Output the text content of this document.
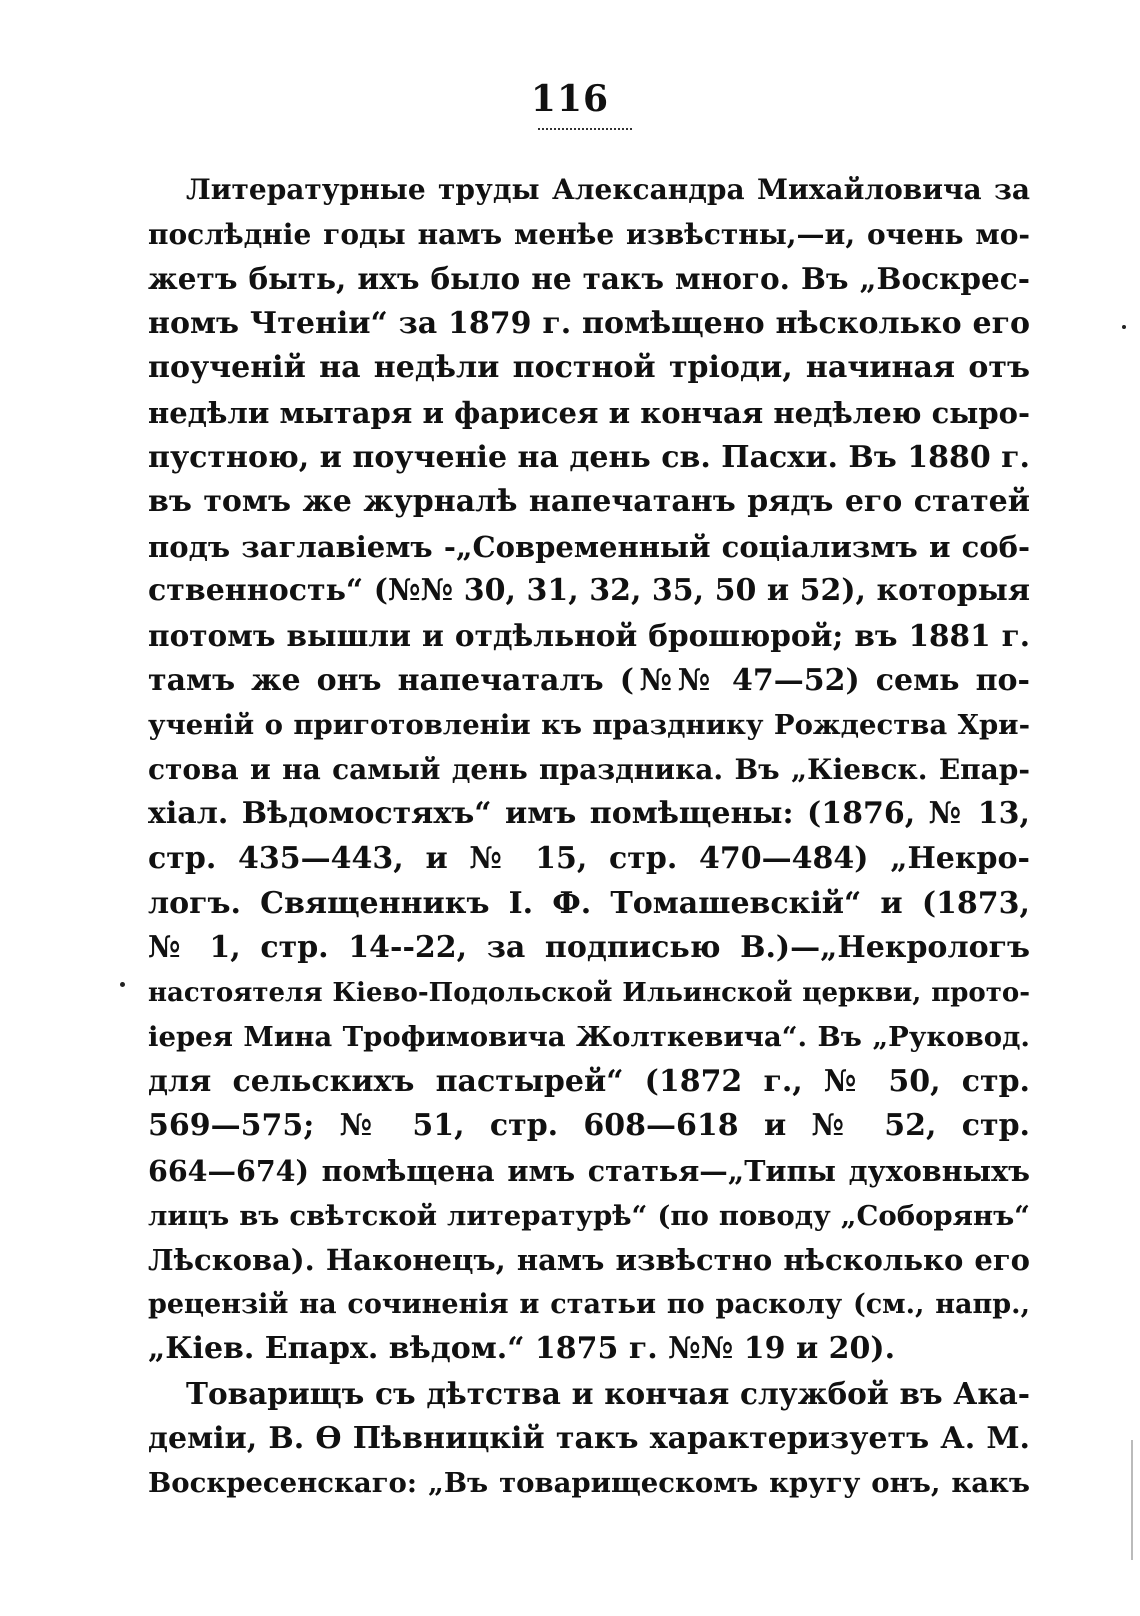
116
Литературные труды Александра Михайловича за
послѣдніе годы намъ менѣе извѣстны,—и, очень мо-
жетъ быть, ихъ было не такъ много. Въ „Воскрес-
номъ Чтеніи“ за 1879 г. помѣщено нѣсколько его
поученій на недѣли постной тріоди, начиная отъ
недѣли мытаря и фарисея и кончая недѣлею сыро-
пустною, и поученіе на день св. Пасхи. Въ 1880 г.
въ томъ же журналѣ напечатанъ рядъ его статей
подъ заглавіемъ -„Современный соціализмъ и соб-
ственность“ (№№ 30, 31, 32, 35, 50 и 52), которыя
потомъ вышли и отдѣльной брошюрой; въ 1881 г.
тамъ же онъ напечаталъ (№№ 47—52) семь по-
ученій о приготовленіи къ празднику Рождества Хри-
стова и на самый день праздника. Въ „Кіевск. Епар-
хіал. Вѣдомостяхъ“ имъ помѣщены: (1876, № 13,
стр. 435—443, и № 15, стр. 470—484) „Некро-
логъ. Священникъ I. Ф. Томашевскій“ и (1873,
№ 1, стр. 14--22, за подписью В.)—„Некрологъ
настоятеля Кіево-Подольской Ильинской церкви, прото-
іерея Мина Трофимовича Жолткевича“. Въ „Руковод.
для сельскихъ пастырей“ (1872 г., № 50, стр.
569—575; № 51, стр. 608—618 и № 52, стр.
664—674) помѣщена имъ статья—„Типы духовныхъ
лицъ въ свѣтской литературѣ“ (по поводу „Соборянъ“
Лѣскова). Наконецъ, намъ извѣстно нѣсколько его
рецензій на сочиненія и статьи по расколу (см., напр.,
„Кіев. Епарх. вѣдом.“ 1875 г. №№ 19 и 20).
Товарищъ съ дѣтства и кончая службой въ Ака-
деміи, В. Ѳ Пѣвницкій такъ характеризуетъ А. М.
Воскресенскаго: „Въ товарищескомъ кругу онъ, какъ
